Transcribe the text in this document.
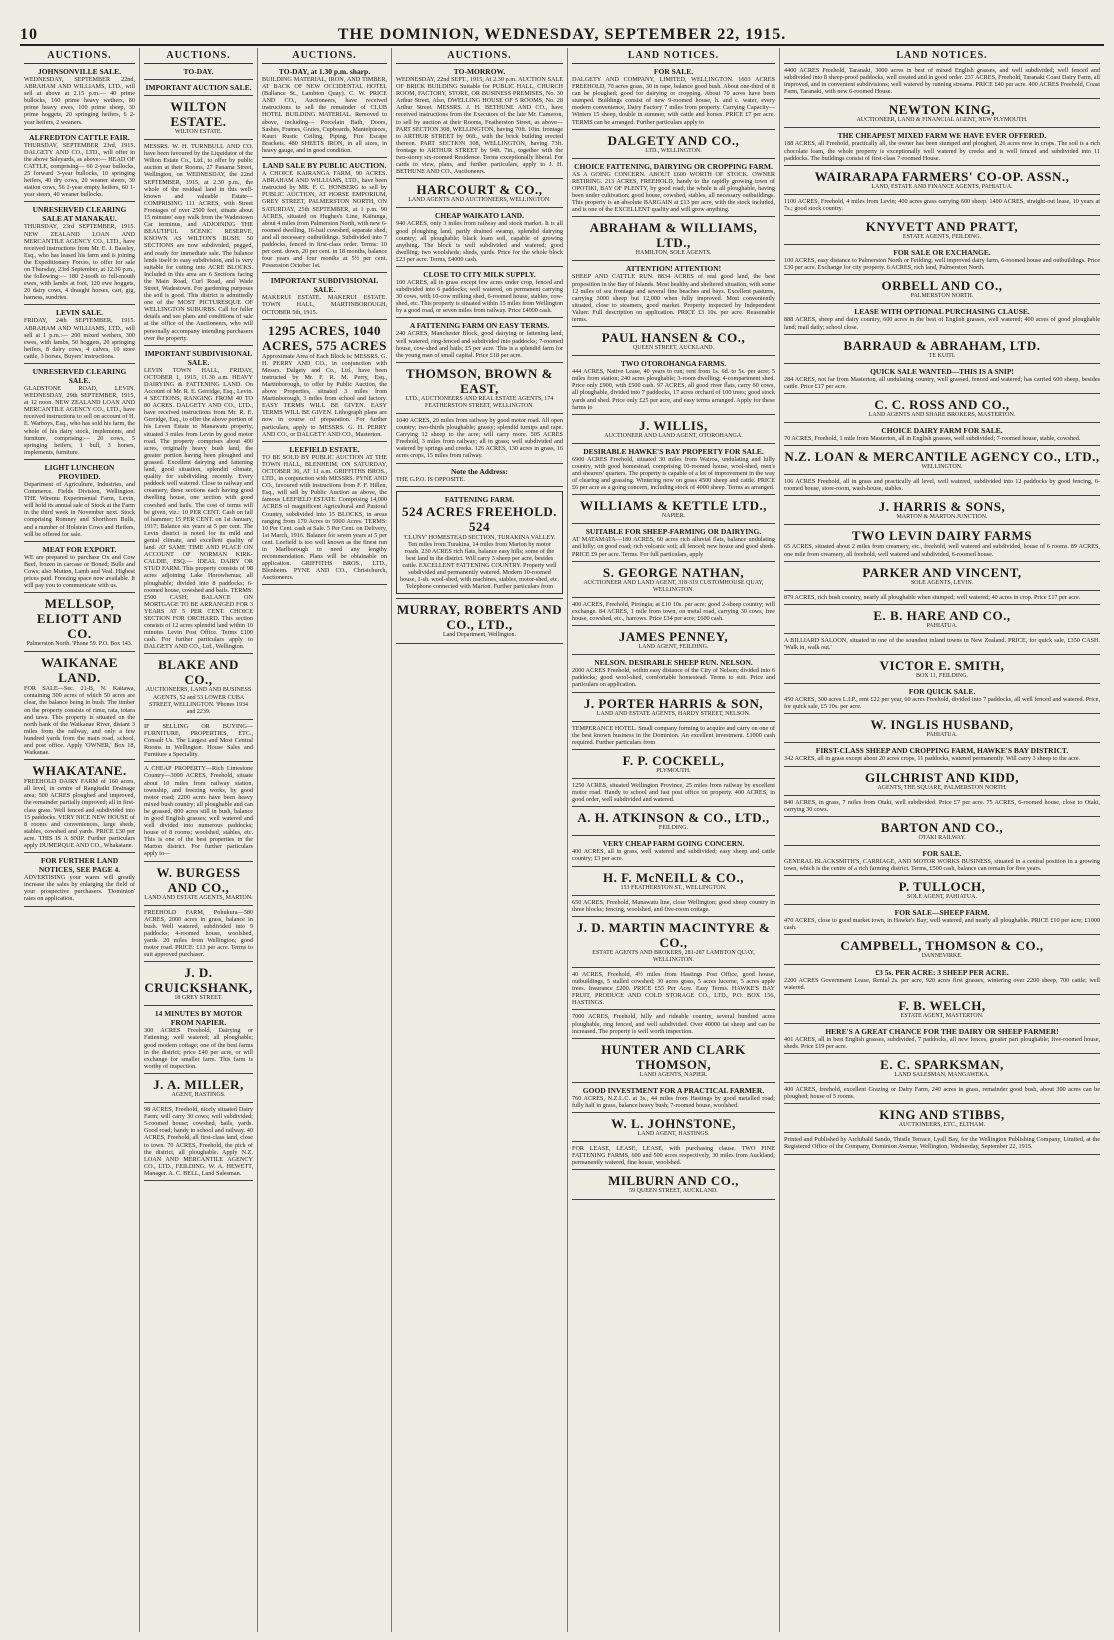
10	THE DOMINION, WEDNESDAY, SEPTEMBER 22, 1915.
AUCTIONS.
JOHNSONVILLE SALE.
WEDNESDAY, SEPTEMBER 22nd, ABRAHAM AND WILLIAMS, LTD., will sell at above at 2.15 p.m.— 40 prime bullocks, 160 prime heavy wethers, 80 prime heavy ewes, 100 prime sheep, 30 prime hoggets, 20 springing heifers, 6 2-year heifers, 2 weaners.
ALFREDTON CATTLE FAIR.
THURSDAY, SEPTEMBER 23rd, 1915. DALGETY AND CO., LTD., will offer in the above Saleyards, as above:— HEAD OF CATTLE, comprising— 60 2-year bullocks, 25 forward 3-year bullocks, 10 springing heifers, 40 dry cows, 20 weaner steers, 30 station cows, 56 2-year empty heifers, 60 1-year steers, 40 weaner bullocks.
UNRESERVED CLEARING SALE AT MANAKAU.
THURSDAY, 23rd SEPTEMBER, 1915. NEW ZEALAND LOAN AND MERCANTILE AGENCY CO., LTD., have received instructions from Mr. E. J. Bassley, Esq., who has leased his farm and is joining the Expeditionary Forces, to offer for sale on Thursday, 23rd September, at 12.30 p.m., the following:— 180 2-tooth to full-mouth ewes, with lambs at foot, 120 ewe hoggets, 20 dairy cows, 4 draught horses, cart, gig, harness, sundries.
LEVIN SALE.
FRIDAY, 24th SEPTEMBER, 1915. ABRAHAM AND WILLIAMS, LTD., will sell at 1 p.m.:— 200 mixed wethers, 300 ewes, with lambs, 50 hoggets, 20 springing heifers, 8 dairy cows, 4 calves, 10 store cattle, 3 horses, Buyers' instructions.
UNRESERVED CLEARING SALE.
GLADSTONE ROAD, LEVIN. WEDNESDAY, 29th SEPTEMBER, 1915, at 12 noon. NEW ZEALAND LOAN AND MERCANTILE AGENCY CO., LTD., have received instructions to sell on account of H. E. Warboys, Esq., who has sold his farm, the whole of his dairy stock, implements, and furniture, comprising:— 20 cows, 5 springing heifers, 1 bull, 3 horses, implements, furniture.
LIGHT LUNCHEON PROVIDED.
Department of Agriculture, Industries, and Commerce. Fields Division, Wellington. THE Wiremu Experimental Farm, Levin, will hold its annual sale of Stock at the Farm in the third week in November next. Stock comprising Romney and Shorthorn Bulls, and a number of Holstein Cows and Heifers, will be offered for sale.
MEAT FOR EXPORT.
WE are prepared to purchase Ox and Cow Beef, frozen in carcase or Boned; Bulls and Cows; also Mutton, Lamb and Veal. Highest prices paid. Freezing space now available. It will pay you to communicate with us.
MELLSOP, ELIOTT AND CO.
Palmerston North. 'Phone 59. P.O. Box 143.
WAIKANAE LAND.
FOR SALE—Sec. 21-B, N. Kaitawa, containing 300 acres of which 50 acres are clear, the balance being in bush. The timber on the property consists of rimu, rata, totara and tawa. This property is situated on the north bank of the Waikanae River, distant 3 miles from the railway, and only a few hundred yards from the main road, school, and post office. Apply 'OWNER,' Box 18, Waikanae.
WHAKATANE.
FREEHOLD DAIRY FARM of 160 acres, all level, in centre of Rangitaiki Drainage area; 500 ACRES ploughed and improved, the remainder partially improved; all in first-class grass. Well fenced and subdivided into 15 paddocks. VERY NICE NEW HOUSE of 8 rooms and conveniences, large sheds, stables, cowshed and yards. PRICE £30 per acre. THIS IS A SNIP. Further particulars apply DUMERQUE AND CO., Whakatane.
FOR FURTHER LAND NOTICES, SEE PAGE 4.
ADVERTISING your wares will greatly increase the sales by enlarging the field of your prospective purchasers. 'Dominion' rates on application.
AUCTIONS.
TO-DAY.
IMPORTANT AUCTION SALE.
WILTON ESTATE.
WILTON ESTATE.
MESSRS. W. H. TURNBULL AND CO. have been favoured by the Liquidator of the Wilton Estate Co., Ltd., to offer by public auction at their Rooms, 27 Panama Street, Wellington, on WEDNESDAY, the 22nd SEPTEMBER, 1915, at 2.30 p.m., the whole of the residual land in this well-known and valuable Estate— COMPRISING 111 ACRES, with Street Frontages of over 2500 feet, situate about 15 minutes' easy walk from the Wadestown Car terminus, and ADJOINING THE BEAUTIFUL SCENIC RESERVE, KNOWN AS WILTON'S BUSH. 50 SECTIONS are now subdivided, pegged, and ready for immediate sale. The balance lends itself to easy subdivision, and is very suitable for cutting into ACRE BLOCKS. Included in this area are 6 Sections facing the Main Road, Curl Road, and Wade Street, Wadestown. For gardening purposes the soil is good. This district is admittedly one of the MOST PICTURESQUE OF WELLINGTON SUBURBS. Call for fuller details and see plans and conditions of sale at the office of the Auctioneers, who will personally accompany intending purchasers over the property.
IMPORTANT SUBDIVISIONAL SALE.
LEVIN TOWN HALL, FRIDAY, OCTOBER 1, 1915, 11.30 a.m. HEAVY DAIRYING & FATTENING LAND. On Account of Mr. R. E. Gerridge, Esq., Levin. 4 SECTIONS, RANGING FROM 40 TO 80 ACRES. DALGETY AND CO., LTD., have received instructions from Mr. R. E. Gerridge, Esq., to offer the above portion of his Leven Estate to Manawatu property, situated 3 miles from Levin by good motor road. The property comprises about 400 acres, originally heavy bush land, the greater portion having been ploughed and grassed. Excellent dairying and fattening land, good situation, splendid climate, quality for subdividing recently. Every paddock well watered. Close to railway and creamery, these sections each having good dwelling house, one section with good cowshed and bails. The cost of terms will be given, viz.: 10 PER CENT. Cash on fall of hammer; 15 PER CENT. on 1st January, 1917; Balance six years at 5 per cent. The Levin district is noted for its mild and genial climate, and excellent quality of land. AT SAME TIME AND PLACE ON ACCOUNT OF NORMAN KIRK-CALDIE, ESQ.— IDEAL DAIRY OR STUD FARM. This property consists of 98 acres adjoining Lake Horowhenua; all ploughable; divided into 8 paddocks; 6-roomed house, cowshed and bails. TERMS: £500 CASH; BALANCE ON MORTGAGE TO BE ARRANGED FOR 3 YEARS AT 5 PER CENT. CHOICE SECTION FOR ORCHARD. This section consists of 12 acres splendid land within 10 minutes Levin Post Office. Terms £100 cash. For further particulars apply to DALGETY AND CO., Ltd., Wellington.
BLAKE AND CO.,
AUCTIONEERS, LAND AND BUSINESS AGENTS, 52 and 53 LOWER CUBA STREET, WELLINGTON. 'Phones 1934 and 2239.
IF SELLING OR BUYING— FURNITURE, PROPERTIES, ETC., Consult Us. The Largest and Most Central Rooms in Wellington. House Sales and Furniture a Speciality.
A CHEAP PROPERTY—Rich Limestone Country—3000 ACRES, Freehold, situate about 10 miles from railway station, township, and freezing works, by good motor road; 2200 acres have been heavy mixed bush country; all ploughable and can be grassed, 800 acres still in bush, balance in good English grasses; well watered and well divided into numerous paddocks; house of 8 rooms; woolshed, stables, etc. This is one of the best properties in the Marton district. For further particulars apply to—
W. BURGESS AND CO.,
LAND AND ESTATE AGENTS, MARTON.
FREEHOLD FARM, Pohukura—580 ACRES, 2000 acres in grass, balance in bush. Well watered, subdivided into 9 paddocks; 4-roomed house, woolshed, yards. 20 miles from Wellington; good motor road. PRICE: £13 per acre. Terms to suit approved purchaser.
J. D. CRUICKSHANK,
18 GREY STREET.
14 MINUTES BY MOTOR FROM NAPIER.
300 ACRES Freehold, Dairying or Fattening; well watered; all ploughable; good modern cottage; one of the best farms in the district; price £40 per acre, or will exchange for smaller farm. This farm is worthy of inspection.
J. A. MILLER,
AGENT, HASTINGS.
98 ACRES, Freehold, nicely situated Dairy Farm; will carry 30 cows; well subdivided; 5-roomed house; cowshed, bails, yards. Good road; handy to school and railway. 40 ACRES, Freehold, all first-class land, close to town. 70 ACRES, Freehold, the pick of the district, all ploughable. Apply N.Z. LOAN AND MERCANTILE AGENCY CO., LTD., FEILDING. W. A. HEWETT, Manager. A. C. BELL, Land Salesman.
AUCTIONS.
TO-DAY, at 1.30 p.m. sharp.
BUILDING MATERIAL, IRON, AND TIMBER, AT BACK OF NEW OCCIDENTAL HOTEL (Ballance St., Lambton Quay). C. W. PRICE AND CO., Auctioneers, have received instructions to sell the remainder of CLUB HOTEL BUILDING MATERIAL. Removed to above, including— Porcelain Bath, Doors, Sashes, Frames, Grates, Cupboards, Mantelpieces, Kauri Rustic Ceiling, Piping, Fire Escape Brackets. 480 SHEETS IRON, in all sizes, in heavy gauge, and in good condition.
LAND SALE BY PUBLIC AUCTION.
A CHOICE KAIRANGA FARM, 90 ACRES. ABRAHAM AND WILLIAMS, LTD., have been instructed by MR. F. C. HONBERG to sell by PUBLIC AUCTION, AT HORSE EMPORIUM, GREY STREET, PALMERSTON NORTH, ON SATURDAY, 25th SEPTEMBER, at 1 p.m. 90 ACRES, situated on Hughes's Line, Kairanga, about 4 miles from Palmerston North, with new 6-roomed dwelling, 16-bail cowshed, separate shed, and all necessary outbuildings. Subdivided into 7 paddocks, fenced in first-class order. Terms: 10 per cent. down, 20 per cent. in 18 months, balance four years and four months at 5½ per cent. Possession October 1st.
IMPORTANT SUBDIVISIONAL SALE.
MAKERUI ESTATE. MAKERUI ESTATE. TOWN HALL, MARTINBOROUGH, OCTOBER 5th, 1915.
1295 ACRES, 1040 ACRES, 575 ACRES
Approximate Area of Each Block is: MESSRS. G. H. PERRY AND CO., in conjunction with Messrs. Dalgety and Co., Ltd., have been instructed by Mr. F. R. M. Perry, Esq., Martinborough, to offer by Public Auction, the above Properties, situated 3 miles from Martinborough, 3 miles from school and factory. EASY TERMS WILL BE GIVEN. EASY TERMS WILL BE GIVEN. Lithograph plans are now in course of preparation. For further particulars, apply to MESSRS. G. H. PERRY AND CO., or DALGETY AND CO., Masterton.
LEEFIELD ESTATE.
TO BE SOLD BY PUBLIC AUCTION AT THE TOWN HALL, BLENHEIM, ON SATURDAY, OCTOBER 30, AT 11 a.m. GRIFFITHS BROS., LTD., in conjunction with MESSRS. PYNE AND CO., favoured with instructions from F. F. Hillen, Esq., will sell by Public Auction as above, the famous LEEFIELD ESTATE. Comprising 14,000 ACRES of magnificent Agricultural and Pastoral Country, subdivided into 15 BLOCKS, in areas ranging from 170 Acres to 5000 Acres. TERMS: 10 Per Cent. cash at Sale. 5 Per Cent. on Delivery, 1st March, 1916. Balance for seven years at 5 per cent. Leefield is too well known as the finest run in Marlborough to need any lengthy recommendation. Plans will be obtainable on application. GRIFFITHS BROS., LTD., Blenheim. PYNE AND CO., Christchurch, Auctioneers.
AUCTIONS.
TO-MORROW.
WEDNESDAY, 22nd SEPT., 1915, At 2.30 p.m. AUCTION SALE OF BRICK BUILDING Suitable for PUBLIC HALL, CHURCH ROOM, FACTORY, STORE, OR BUSINESS PREMISES, No. 30 Arthur Street, Also, DWELLING HOUSE OF 5 ROOMS, No. 28 Arthur Street. MESSRS. J. H. BETHUNE AND CO., have received instructions from the Executors of the late Mr. Cameron, to sell by auction at their Rooms, Featherston Street, as above— PART SECTION 308, WELLINGTON, having 70ft. 10in. frontage to ARTHUR STREET by 96ft., with the brick building erected thereon. PART SECTION 308, WELLINGTON, having 73ft. frontage to ARTHUR STREET by 94ft. 7in., together with the two-storey six-roomed Residence. Terms exceptionally liberal. For cards to view, plans, and further particulars, apply to J. H. BETHUNE AND CO., Auctioneers.
HARCOURT & CO.,
LAND AGENTS AND AUCTIONEERS, WELLINGTON.
CHEAP WAIKATO LAND.
940 ACRES, only 3 miles from railway and stock market. It is all good ploughing land, partly drained swamp, splendid dairying country; all ploughable; black loam soil, capable of growing anything. The block is well subdivided and watered; good dwelling; two woolsheds; sheds, yards. Price for the whole block £23 per acre. Terms, £4000 cash.
CLOSE TO CITY MILK SUPPLY.
100 ACRES, all in grass except few acres under crop, fenced and subdivided into 6 paddocks; well watered, on permanent carrying 30 cows, with 10-cow milking shed, 6-roomed house, stables, cow-shed, etc. This property is situated within 15 miles from Wellington by a good road, or seven miles from railway. Price £4000 cash.
A FATTENING FARM ON EASY TERMS.
240 ACRES, Manchester Block, good dairying or fattening land, well watered, ring-fenced and subdivided into paddocks; 7-roomed house, cow-shed and bails; £5 per acre. This is a splendid farm for the young man of small capital. Price £18 per acre.
THOMSON, BROWN & EAST,
LTD., AUCTIONEERS AND REAL ESTATE AGENTS, 174 FEATHERSTON STREET, WELLINGTON.
1040 ACRES, 20 miles from railway by good motor road. All open country; two-thirds ploughable; grassy; splendid turnips and rape. Carrying 12 sheep to the acre; will carry more. 505 ACRES Freehold, 3 miles from railway; all in grass; well subdivided and watered by springs and creeks. 126 ACRES, 130 acres in grass, 16 acres crops, 15 miles from railway.
Note the Address:
THE G.P.O. IS OPPOSITE.
FATTENING FARM.
524 ACRES FREEHOLD. 524
'CLUNY' HOMESTEAD SECTION, TURAKINA VALLEY. Ten miles from Turakina, 14 miles from Marton by motor roads. 230 ACRES rich flats, balance easy hills; some of the best land in the district. Will carry 3 sheep per acre, besides cattle. EXCELLENT FATTENING COUNTRY. Property well subdivided and permanently watered. Modern 10-roomed house, 1-sh. wool-shed, with machines, stables, motor-shed, etc. Telephone connected with Marton. Further particulars from
MURRAY, ROBERTS AND CO., LTD.,
Land Department, Wellington.
LAND NOTICES.
FOR SALE.
DALGETY AND COMPANY, LIMITED, WELLINGTON. 1603 ACRES FREEHOLD, 70 acres grass, 30 in rape, balance good bush. About one-third of it can be ploughed; good for dairying or cropping. About 70 acres have been stumped. Buildings consist of new 9-roomed house, h. and c. water, every modern convenience, Dairy Factory 7 miles from property. Carrying Capacity—Winters 15 sheep, double in summer, with cattle and horses. PRICE £7 per acre. TERMS can be arranged. Further particulars apply to
DALGETY AND CO.,
LTD., WELLINGTON.
CHOICE FATTENING, DAIRYING OR CROPPING FARM.
AS A GOING CONCERN. ABOUT £600 WORTH OF STOCK. OWNER RETIRING. 213 ACRES, FREEHOLD, handy to the rapidly growing town of OPOTIKI, BAY OF PLENTY, by good road; the whole is all ploughable, having been under cultivation; good house, cowshed, stables, all necessary outbuildings. This property is an absolute BARGAIN at £13 per acre, with the stock included, and is one of the EXCELLENT quality and will grow anything.
ABRAHAM & WILLIAMS, LTD.,
HAMILTON, SOLE AGENTS.
ATTENTION! ATTENTION!
SHEEP AND CATTLE RUN. 8834 ACRES of real good land, the best proposition in the Bay of Islands. Most healthy and sheltered situation, with some 12 miles of sea frontage and several fine beaches and bays. Excellent pastures, carrying 3000 sheep but 12,000 when fully improved. Most conveniently situated, close to steamers, good market. Property inspected by Independent Valuer. Full description on application. PRICE £3 10s. per acre. Reasonable terms.
PAUL HANSEN & CO.,
QUEEN STREET, AUCKLAND.
TWO OTOROHANGA FARMS.
444 ACRES, Native Lease, 40 years to run; rent from 1s. 6d. to 5s. per acre; 5 miles from station; 240 acres ploughable; 3-room dwelling; 4-compartment shed. Price only £900, with £500 cash. 97 ACRES, all good river flats, carry 60 cows, all ploughable, divided into 7 paddocks, 17 acres orchard of 100 trees; good stock yards and shed. Price only £25 per acre, and easy terms arranged. Apply for these farms to
J. WILLIS,
AUCTIONEER AND LAND AGENT, OTOROHANGA.
DESIRABLE HAWKE'S BAY PROPERTY FOR SALE.
6900 ACRES Freehold, situated 30 miles from Wairoa, undulating and hilly country, with good homestead, comprising 10-roomed house, wool-shed, men's and shearers' quarters. The property is capable of a lot of improvement in the way of clearing and grassing. Wintering now on grass 4500 sheep and cattle. PRICE £6 per acre as a going concern, including stock of 4000 sheep. Terms as arranged.
WILLIAMS & KETTLE LTD.,
NAPIER.
SUITABLE FOR SHEEP-FARMING OR DAIRYING.
AT MATAMATA—180 ACRES, 60 acres rich alluvial flats, balance undulating and hilly; on good road; rich volcanic soil; all fenced; new house and good sheds. PRICE £9 per acre. Terms. For full particulars, apply
S. GEORGE NATHAN,
AUCTIONEER AND LAND AGENT, 318-319 CUSTOMHOUSE QUAY, WELLINGTON.
400 ACRES, Freehold, Pirongia; at £10 10s. per acre; good 2-sheep country; will exchange. 84 ACRES, 1 mile from town, on metal road, carrying 30 cows, free house, cowshed, etc., harrows. Price £34 per acre; £600 cash.
JAMES PENNEY,
LAND AGENT, FEILDING.
NELSON. DESIRABLE SHEEP RUN. NELSON.
2000 ACRES Freehold, within easy distance of the City of Nelson; divided into 6 paddocks; good wool-shed, comfortable homestead. Terms to suit. Price and particulars on application.
J. PORTER HARRIS & SON,
LAND AND ESTATE AGENTS, HARDY STREET, NELSON.
TEMPERANCE HOTEL. Small company forming to acquire and carry on one of the best known business in the Dominion. An excellent investment. £1000 cash required. Further particulars from
F. P. COCKELL,
PLYMOUTH.
1250 ACRES, situated Wellington Province, 25 miles from railway by excellent motor road. Handy to school and fast post office on property. 400 ACRES, in good order, well subdivided and watered.
A. H. ATKINSON & CO., LTD.,
FEILDING.
VERY CHEAP FARM GOING CONCERN.
400 ACRES, all in grass, well watered and subdivided; easy sheep and cattle country; £3 per acre.
H. F. McNEILL & CO.,
153 FEATHERSTON ST., WELLINGTON.
650 ACRES, Freehold, Manawatu line, close Wellington; good sheep country in three blocks; fencing, woolshed, and five-room cottage.
J. D. MARTIN MACINTYRE & CO.,
ESTATE AGENTS AND BROKERS, 281-287 LAMBTON QUAY, WELLINGTON.
40 ACRES, Freehold, 4½ miles from Hastings Post Office, good house, outbuildings, 5 stalled cowshed; 30 acres grass, 5 acres lucerne, 5 acres apple trees. Insurance £200. PRICE £55 Per Acre. Easy Terms. HAWKE'S BAY FRUIT, PRODUCE AND COLD STORAGE CO., LTD., P.O. BOX 156, HASTINGS.
7000 ACRES, Freehold, hilly and rideable country, several hundred acres ploughable, ring fenced, and well subdivided. Over 40000 fat sheep and can be increased. The property is well worth inspection.
HUNTER AND CLARK THOMSON,
LAND AGENTS, NAPIER.
GOOD INVESTMENT FOR A PRACTICAL FARMER.
760 ACRES, N.Z.L.C. at 3s., 44 miles from Hastings by good metalled road; fully half in grass, balance heavy bush; 7-roomed house, woolshed.
W. L. JOHNSTONE,
LAND AGENT, HASTINGS.
FOR LEASE, LEASE, LEASE, with purchasing clause. TWO FINE FATTENING FARMS, 600 and 500 acres respectively, 30 miles from Auckland; permanently watered, fine house, woolshed.
MILBURN AND CO.,
59 QUEEN STREET, AUCKLAND.
LAND NOTICES.
4400 ACRES Freehold, Taranaki, 3000 acres in best of mixed English grasses, and well subdivided; well fenced and subdivided into 8 sheep-proof paddocks, well created and in good order. 237 ACRES, Freehold, Taranaki Coast Dairy Farm, all improved, and in convenient subdivisions; well watered by running streams. PRICE £40 per acre. 400 ACRES Freehold, Coast Farm, Taranaki, with new 6-roomed House.
NEWTON KING,
AUCTIONEER, LAND & FINANCIAL AGENT, NEW PLYMOUTH.
THE CHEAPEST MIXED FARM WE HAVE EVER OFFERED.
188 ACRES, all Freehold, practically all, the owner has been stumped and ploughed, 26 acres now in crops. The soil is a rich chocolate loam, the whole property is exceptionally well watered by creeks and is well fenced and subdivided into 11 paddocks. The buildings consist of first-class 7-roomed House.
WAIRARAPA FARMERS' CO-OP. ASSN.,
LAND, ESTATE AND FINANCE AGENTS, PAHIATUA.
1100 ACRES, Freehold, 4 miles from Levin; 400 acres grass carrying 600 sheep. 1400 ACRES, straight-out lease, 10 years at 7s.; good stock country.
KNYVETT AND PRATT,
ESTATE AGENTS, FEILDING.
FOR SALE OR EXCHANGE.
100 ACRES, easy distance to Palmerston North or Feilding; well improved dairy farm, 6-roomed house and outbuildings. Price £30 per acre. Exchange for city property. 6 ACRES, rich land, Palmerston North.
ORBELL AND CO.,
PALMERSTON NORTH.
LEASE WITH OPTIONAL PURCHASING CLAUSE.
888 ACRES, sheep and dairy country, 600 acres in the best of English grasses, well watered; 400 acres of good ploughable land; mail daily; school close.
BARRAUD & ABRAHAM, LTD.
TE KUITI.
QUICK SALE WANTED—THIS IS A SNIP!
284 ACRES, not far from Masterton, all undulating country, well grassed, fenced and watered; has carried 600 sheep, besides cattle. Price £17 per acre.
C. C. ROSS AND CO.,
LAND AGENTS AND SHARE BROKERS, MASTERTON.
CHOICE DAIRY FARM FOR SALE.
70 ACRES, Freehold, 1 mile from Masterton, all in English grasses, well subdivided; 7-roomed house, stable, cowshed.
N.Z. LOAN & MERCANTILE AGENCY CO., LTD.,
WELLINGTON.
106 ACRES Freehold, all in grass and practically all level, well watered, subdivided into 12 paddocks by good fencing, 6-roomed house, store-room, wash-house, stables.
J. HARRIS & SONS,
MARTON & MARTON JUNCTION.
TWO LEVIN DAIRY FARMS
65 ACRES, situated about 2 miles from creamery, etc., freehold, well watered and subdivided, house of 6 rooms. 89 ACRES, one mile from creamery, all freehold, well watered and subdivided, 6-roomed house.
PARKER AND VINCENT,
SOLE AGENTS, LEVIN.
879 ACRES, rich bush country, nearly all ploughable when stumped; well watered; 40 acres in crop. Price £17 per acre.
E. B. HARE AND CO.,
PAHIATUA.
A BILLIARD SALOON, situated in one of the soundest inland towns in New Zealand. PRICE, for quick sale, £350 CASH. 'Walk in, walk out.'
VICTOR E. SMITH,
BOX 11, FEILDING.
FOR QUICK SALE.
450 ACRES, 300 acres L.I.P., rent £22 per year, 60 acres Freehold, divided into 7 paddocks, all well fenced and watered. Price, for quick sale, £5 10s. per acre.
W. INGLIS HUSBAND,
PAHIATUA.
FIRST-CLASS SHEEP AND CROPPING FARM, HAWKE'S BAY DISTRICT.
342 ACRES, all in grass except about 20 acres crops, 11 paddocks, watered permanently. Will carry 3 sheep to the acre.
GILCHRIST AND KIDD,
AGENTS, THE SQUARE, PALMERSTON NORTH.
840 ACRES, in grass, 7 miles from Otaki, well subdivided. Price £7 per acre. 75 ACRES, 6-roomed house, close to Otaki, carrying 30 cows.
BARTON AND CO.,
OTAKI RAILWAY.
FOR SALE.
GENERAL BLACKSMITH'S, CARRIAGE, AND MOTOR WORKS BUSINESS, situated in a central position in a growing town, which is the centre of a rich farming district. Terms, £500 cash, balance can remain for five years.
P. TULLOCH,
SOLE AGENT, PAHIATUA.
FOR SALE—SHEEP FARM.
470 ACRES, close to good market town, in Hawke's Bay; well watered, and nearly all ploughable. PRICE £10 per acre; £1000 cash.
CAMPBELL, THOMSON & CO.,
DANNEVIRKE.
£3 5s. PER ACRE: 3 SHEEP PER ACRE.
2200 ACRES Government Lease, Rental 2s. per acre, 920 acres first grasses, wintering over 2200 sheep, 700 cattle; well watered.
F. B. WELCH,
ESTATE AGENT, MASTERTON.
HERE'S A GREAT CHANCE FOR THE DAIRY OR SHEEP FARMER!
401 ACRES, all in best English grasses, subdivided, 7 paddocks, all new fences, greater part ploughable; five-roomed house, sheds. Price £19 per acre.
E. C. SPARKSMAN,
LAND SALESMAN, MANGAWEKA.
400 ACRES, freehold, excellent Grazing or Dairy Farm, 240 acres in grass, remainder good bush, about 300 acres can be ploughed; house of 5 rooms.
KING AND STIBBS,
AUCTIONEERS, ETC., ELTHAM.
Printed and Published by Archibald Sando, Thistle Terrace, Lyall Bay, for the Wellington Publishing Company, Limited, at the Registered Office of the Company, Dominion Avenue, Wellington, Wednesday, September 22, 1915.
